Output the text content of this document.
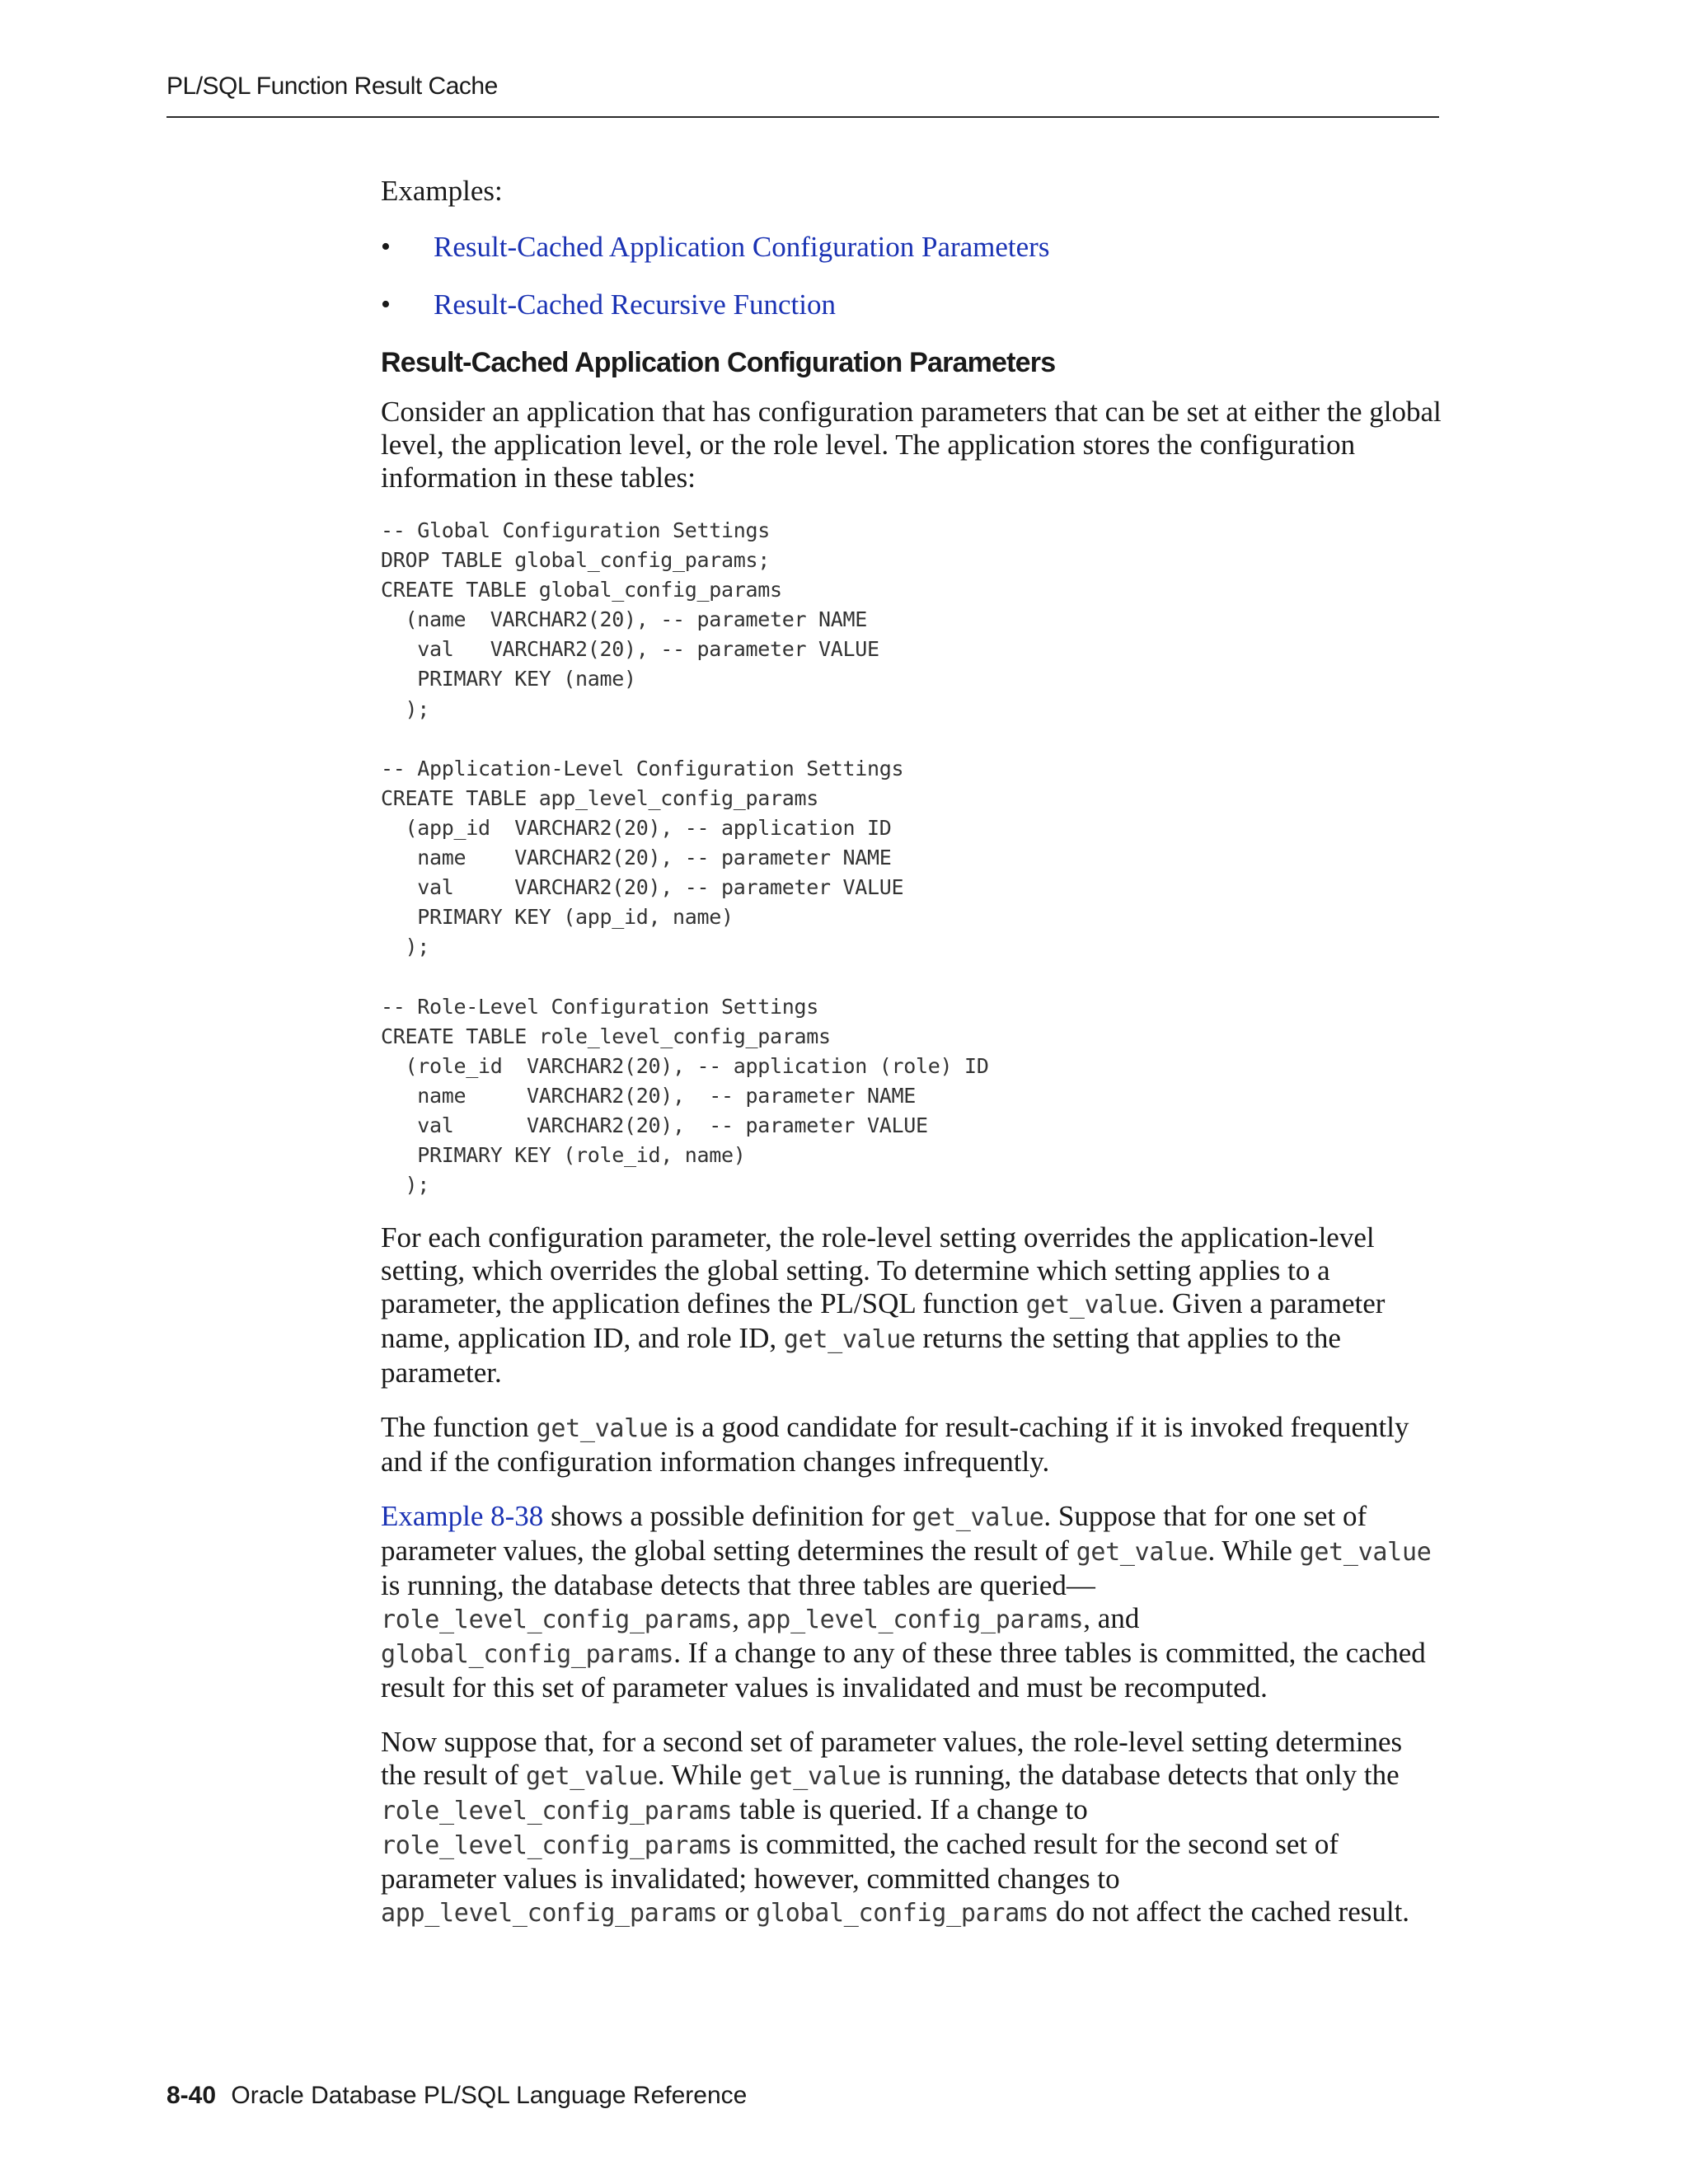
PL/SQL Function Result Cache

Examples:

• Result-Cached Application Configuration Parameters
• Result-Cached Recursive Function
Result-Cached Application Configuration Parameters

Consider an application that has configuration parameters that can be set at either the global level, the application level, or the role level. The application stores the configuration information in these tables:

-- Global Configuration Settings
DROP TABLE global_config_params;
CREATE TABLE global_config_params
(name  VARCHAR2(20), -- parameter NAME
val   VARCHAR2(20), -- parameter VALUE
PRIMARY KEY (name)
);

-- Application-Level Configuration Settings
CREATE TABLE app_level_config_params
(app_id  VARCHAR2(20), -- application ID
name    VARCHAR2(20), -- parameter NAME
val     VARCHAR2(20), -- parameter VALUE
PRIMARY KEY (app_id, name)
);

-- Role-Level Configuration Settings
CREATE TABLE role_level_config_params
(role_id  VARCHAR2(20), -- application (role) ID
name     VARCHAR2(20),  -- parameter NAME
val      VARCHAR2(20),  -- parameter VALUE
PRIMARY KEY (role_id, name)
);

For each configuration parameter, the role-level setting overrides the application-level setting, which overrides the global setting. To determine which setting applies to a parameter, the application defines the PL/SQL function get_value. Given a parameter name, application ID, and role ID, get_value returns the setting that applies to the parameter.

The function get_value is a good candidate for result-caching if it is invoked frequently and if the configuration information changes infrequently.

Example 8-38 shows a possible definition for get_value. Suppose that for one set of parameter values, the global setting determines the result of get_value. While get_value is running, the database detects that three tables are queried—role_level_config_params, app_level_config_params, and global_config_params. If a change to any of these three tables is committed, the cached result for this set of parameter values is invalidated and must be recomputed.

Now suppose that, for a second set of parameter values, the role-level setting determines the result of get_value. While get_value is running, the database detects that only the role_level_config_params table is queried. If a change to role_level_config_params is committed, the cached result for the second set of parameter values is invalidated; however, committed changes to app_level_config_params or global_config_params do not affect the cached result.

8-40 Oracle Database PL/SQL Language Reference
